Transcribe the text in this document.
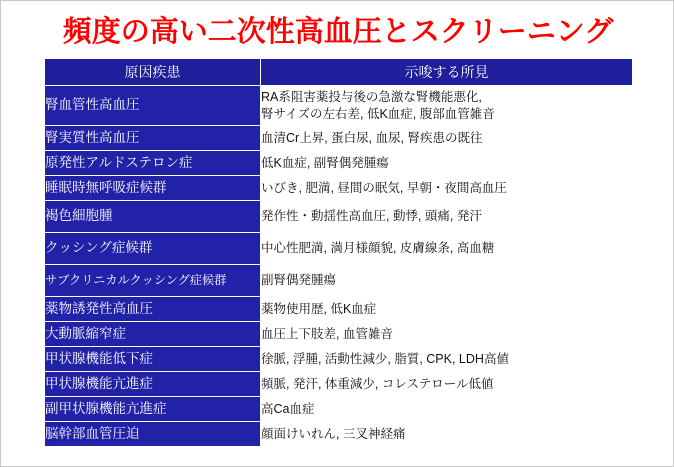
頻度の高い二次性高血圧とスクリーニング
原因疾患	示唆する所見
腎血管性高血圧	RA系阻害薬投与後の急激な腎機能悪化,
腎サイズの左右差, 低K血症, 腹部血管雑音

腎実質性高血圧	血清Cr上昇, 蛋白尿, 血尿, 腎疾患の既往
原発性アルドステロン症	低K血症, 副腎偶発腫瘍
睡眠時無呼吸症候群	いびき, 肥満, 昼間の眠気, 早朝・夜間高血圧
褐色細胞腫	発作性・動揺性高血圧, 動悸, 頭痛, 発汗
クッシング症候群	中心性肥満, 満月様顔貌, 皮膚線条, 高血糖
サブクリニカルクッシング症候群	副腎偶発腫瘍
薬物誘発性高血圧	薬物使用歴, 低K血症
大動脈縮窄症	血圧上下肢差, 血管雑音
甲状腺機能低下症	徐脈, 浮腫, 活動性減少, 脂質, CPK, LDH高値
甲状腺機能亢進症	頻脈, 発汗, 体重減少, コレステロール低値
副甲状腺機能亢進症	高Ca血症
脳幹部血管圧迫	顔面けいれん, 三叉神経痛
